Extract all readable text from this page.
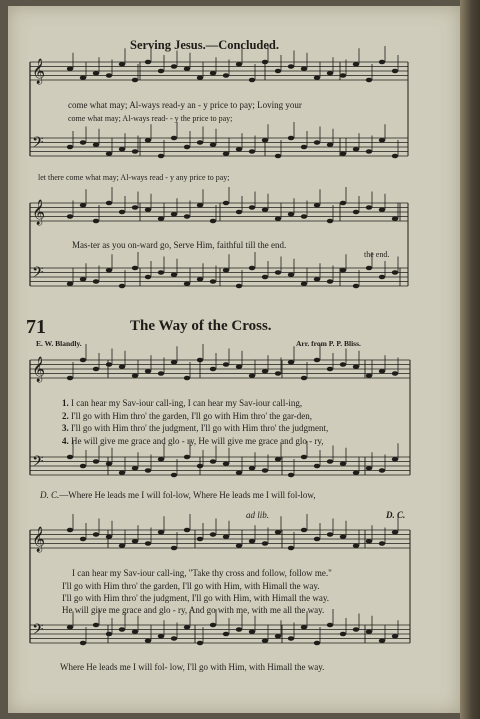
𝄞
𝄢
𝄞
𝄢
𝄞
𝄢
𝄞
𝄢
Serving Jesus.—Concluded.
come what may; Al-ways read-y an - y price to pay; Loving your
come what may; Al-ways read- - y the price to pay;
let there come what may; Al-ways read - y any price to pay;
Mas-ter as you on-ward go, Serve Him, faithful till the end.
the end.
71	The Way of the Cross.
E. W. Blandly.	Arr. from P. P. Bliss.
1. I can hear my Sav-iour call-ing, I can hear my Sav-iour call-ing,
2. I'll go with Him thro' the garden, I'll go with Him thro' the gar-den,
3. I'll go with Him thro' the judgment, I'll go with Him thro' the judgment,
4. He will give me grace and glo - ry, He will give me grace and glo - ry,
D. C.—Where He leads me I will fol-low, Where He leads me I will fol-low,
ad lib.	D. C.
I can hear my Sav-iour call-ing, "Take thy cross and follow, follow me."
I'll go with Him thro' the garden, I'll go with Him, with Himall the way.
I'll go with Him thro' the judgment, I'll go with Him, with Himall the way.
He will give me grace and glo - ry, And go with me, with me all the way.
Where He leads me I will fol- low, I'll go with Him, with Himall the way.
